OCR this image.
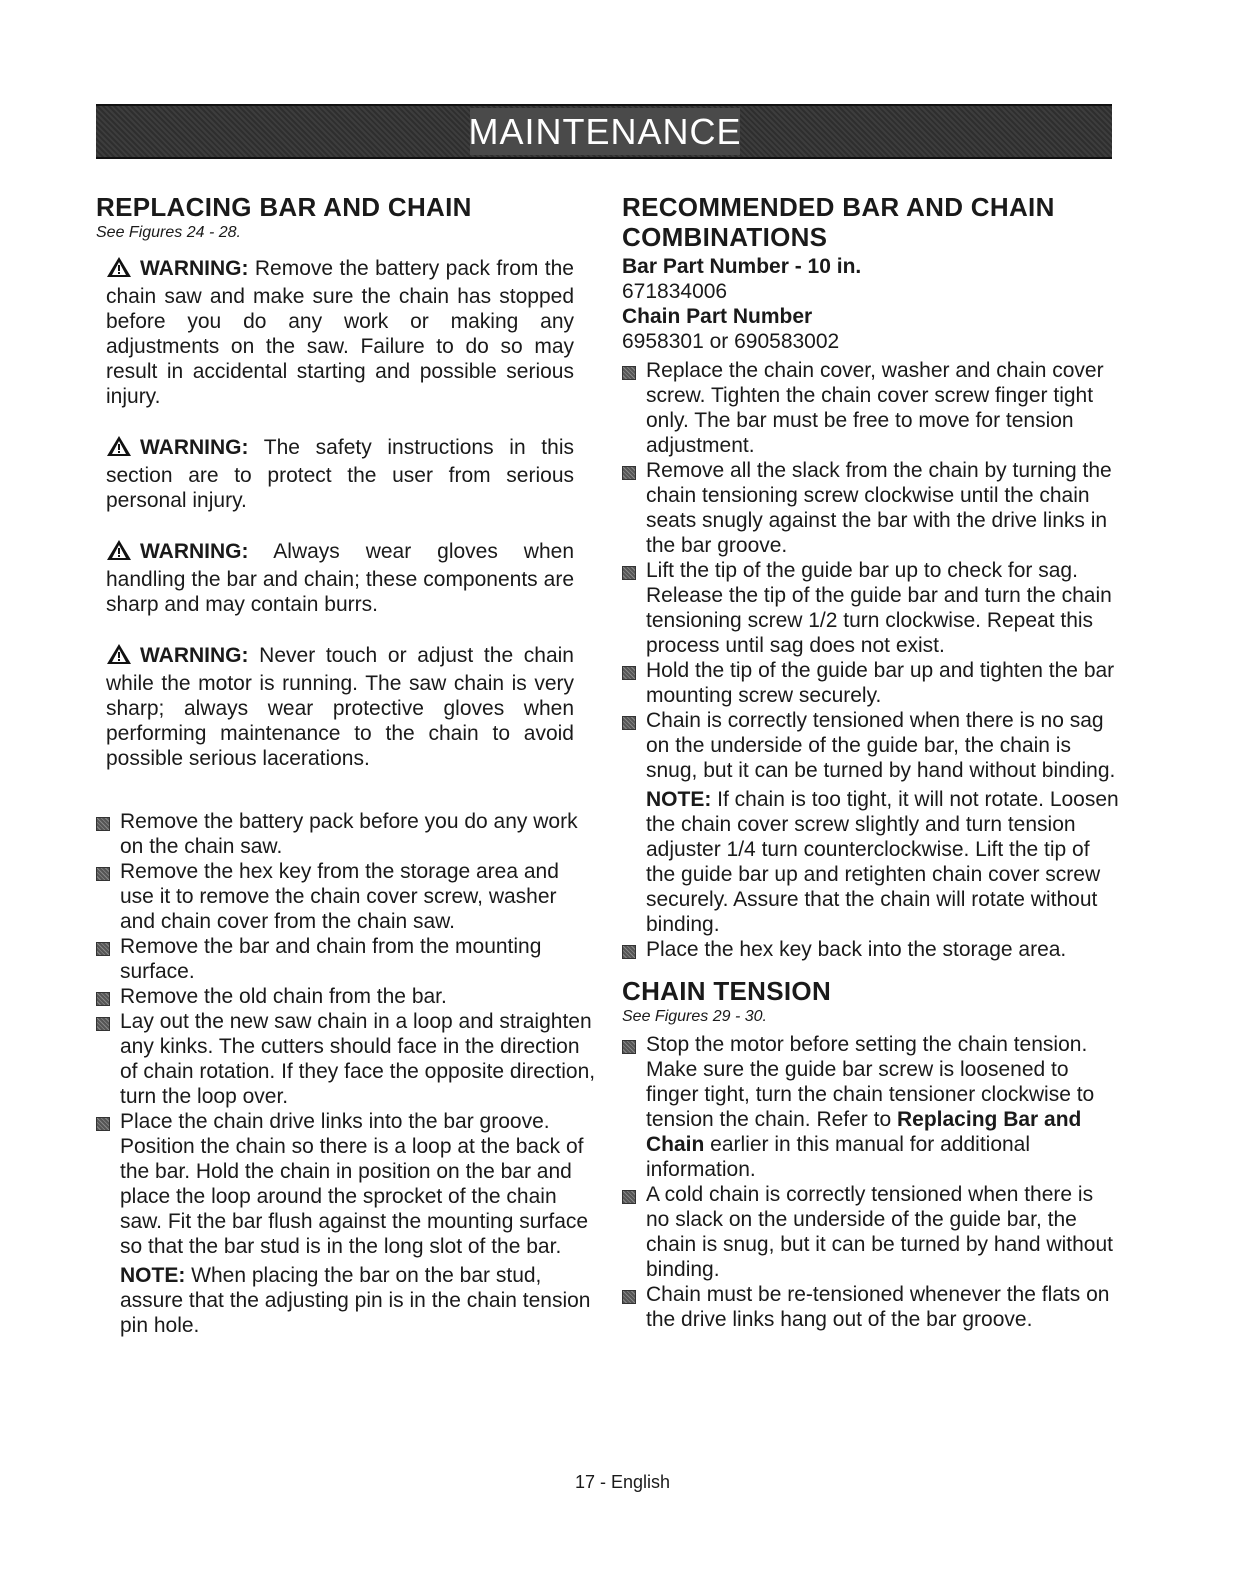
MAINTENANCE
REPLACING BAR AND CHAIN
See Figures 24 - 28.

WARNING: Remove the battery pack from the chain saw and make sure the chain has stopped before you do any work or making any adjustments on the saw. Failure to do so may result in accidental starting and possible serious injury.

WARNING: The safety instructions in this section are to protect the user from serious personal injury.

WARNING: Always wear gloves when handling the bar and chain; these components are sharp and may contain burrs.

WARNING: Never touch or adjust the chain while the motor is running. The saw chain is very sharp; always wear protective gloves when performing maintenance to the chain to avoid possible serious lacerations.

Remove the battery pack before you do any work on the chain saw.
Remove the hex key from the storage area and use it to remove the chain cover screw, washer and chain cover from the chain saw.
Remove the bar and chain from the mounting surface.
Remove the old chain from the bar.
Lay out the new saw chain in a loop and straighten any kinks. The cutters should face in the direction of chain rotation. If they face the opposite direction, turn the loop over.
Place the chain drive links into the bar groove. Position the chain so there is a loop at the back of the bar. Hold the chain in position on the bar and place the loop around the sprocket of the chain saw. Fit the bar flush against the mounting surface so that the bar stud is in the long slot of the bar.
NOTE: When placing the bar on the bar stud, assure that the adjusting pin is in the chain tension pin hole.
RECOMMENDED BAR AND CHAIN
COMBINATIONS
Bar Part Number - 10 in.
671834006
Chain Part Number
6958301 or 690583002
Replace the chain cover, washer and chain cover screw. Tighten the chain cover screw finger tight only. The bar must be free to move for tension adjustment.
Remove all the slack from the chain by turning the chain tensioning screw clockwise until the chain seats snugly against the bar with the drive links in the bar groove.
Lift the tip of the guide bar up to check for sag. Release the tip of the guide bar and turn the chain tensioning screw 1/2 turn clockwise. Repeat this process until sag does not exist.
Hold the tip of the guide bar up and tighten the bar mounting screw securely.
Chain is correctly tensioned when there is no sag on the underside of the guide bar, the chain is snug, but it can be turned by hand without binding.
NOTE: If chain is too tight, it will not rotate. Loosen the chain cover screw slightly and turn tension adjuster 1/4 turn counterclockwise. Lift the tip of the guide bar up and retighten chain cover screw securely. Assure that the chain will rotate without binding.
Place the hex key back into the storage area.
CHAIN TENSION
See Figures 29 - 30.
Stop the motor before setting the chain tension. Make sure the guide bar screw is loosened to finger tight, turn the chain tensioner clockwise to tension the chain. Refer to Replacing Bar and Chain earlier in this manual for additional information.
A cold chain is correctly tensioned when there is no slack on the underside of the guide bar, the chain is snug, but it can be turned by hand without binding.
Chain must be re-tensioned whenever the flats on the drive links hang out of the bar groove.
17 - English
